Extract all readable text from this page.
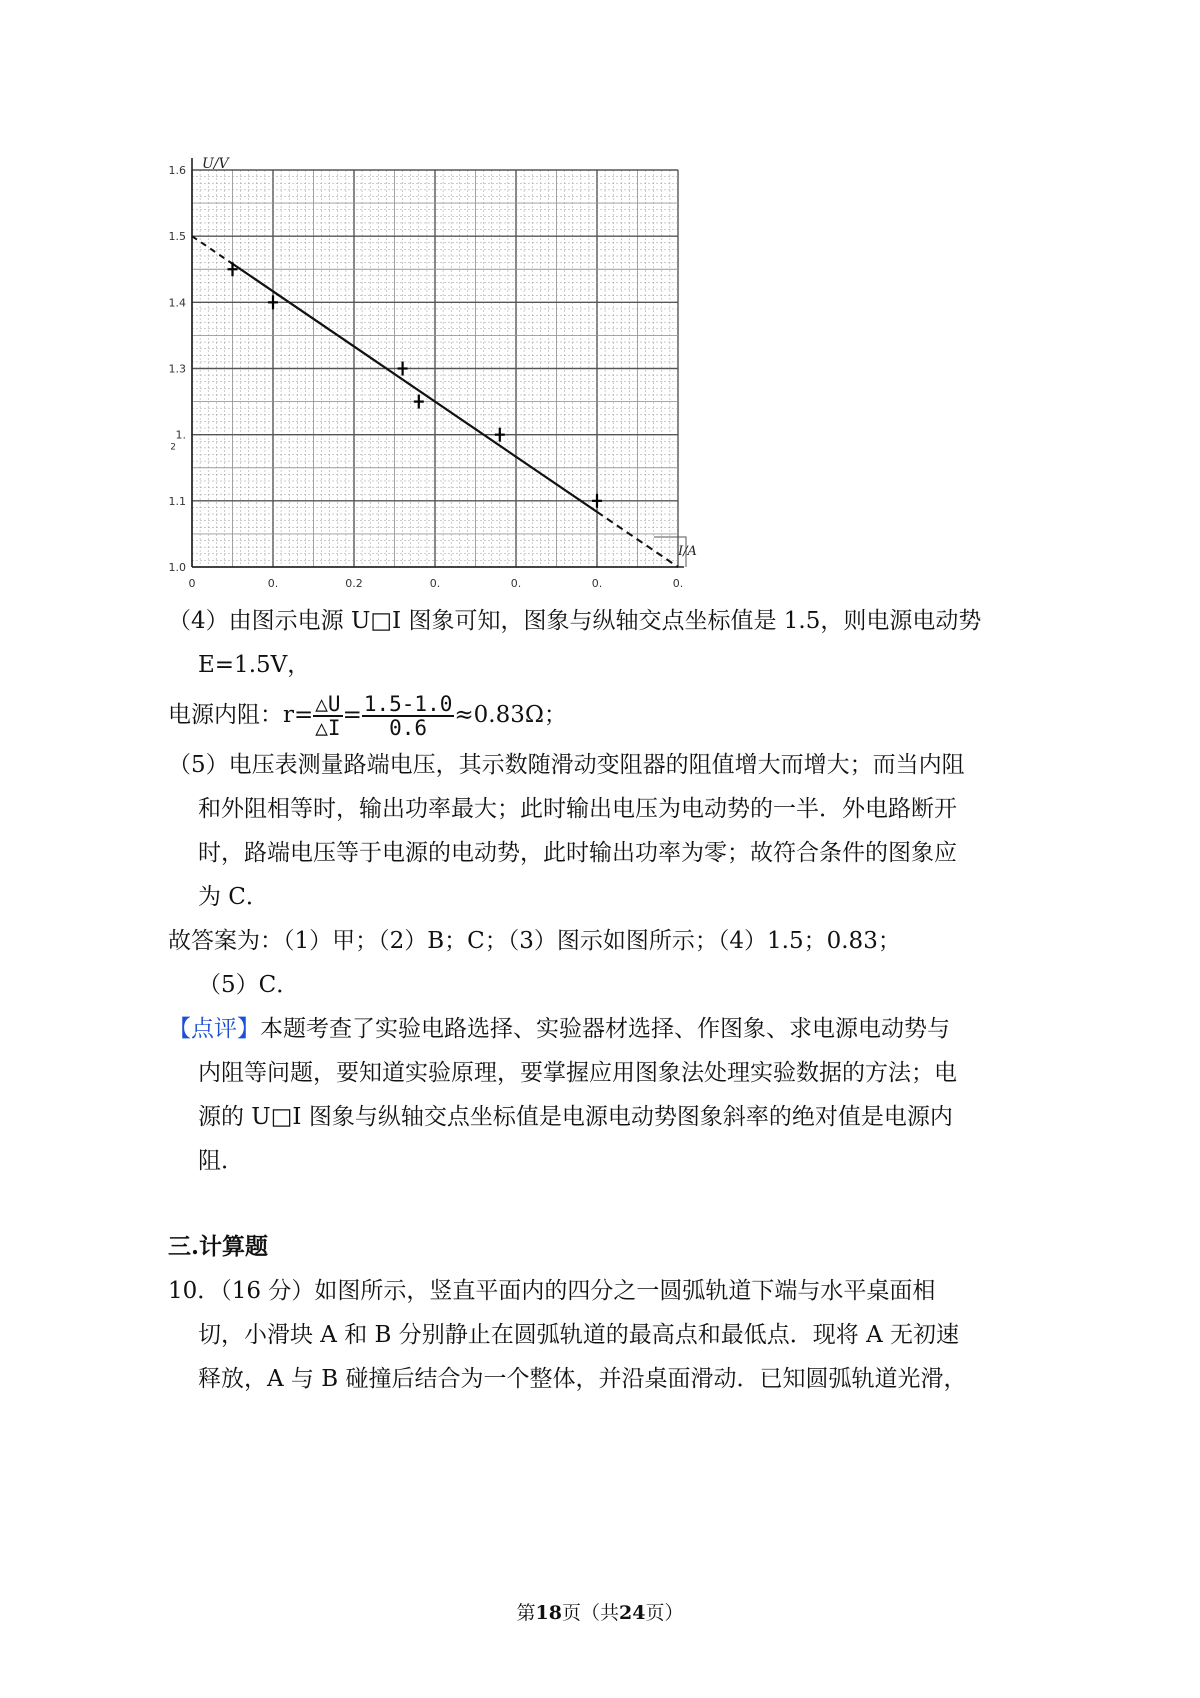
U/V
I/A
1.6
1.5
1.4
1.3
1.
1.1
1.0
2
0	0.	0.2	0.	0.	0.	0.
（4）由图示电源 U□I 图象可知，图象与纵轴交点坐标值是 1.5，则电源电动势
E=1.5V，
电源内阻：$r= \frac{\triangle U}{\triangle I} = \frac{1.5-1.0}{0.6} \approx 0.83\Omega$；
（5）电压表测量路端电压，其示数随滑动变阻器的阻值增大而增大；而当内阻
和外阻相等时，输出功率最大；此时输出电压为电动势的一半．外电路断开
时，路端电压等于电源的电动势，此时输出功率为零；故符合条件的图象应
为 C．
故答案为：（1）甲；（2）B；C；（3）图示如图所示；（4）1.5；0.83；
（5）C．
【点评】本题考查了实验电路选择、实验器材选择、作图象、求电源电动势与
内阻等问题，要知道实验原理，要掌握应用图象法处理实验数据的方法；电
源的 U□I 图象与纵轴交点坐标值是电源电动势图象斜率的绝对值是电源内
阻．
三.计算题
10．（16 分）如图所示，竖直平面内的四分之一圆弧轨道下端与水平桌面相
切，小滑块 A 和 B 分别静止在圆弧轨道的最高点和最低点．现将 A 无初速
释放，A 与 B 碰撞后结合为一个整体，并沿桌面滑动．已知圆弧轨道光滑，
第18页（共24页）
